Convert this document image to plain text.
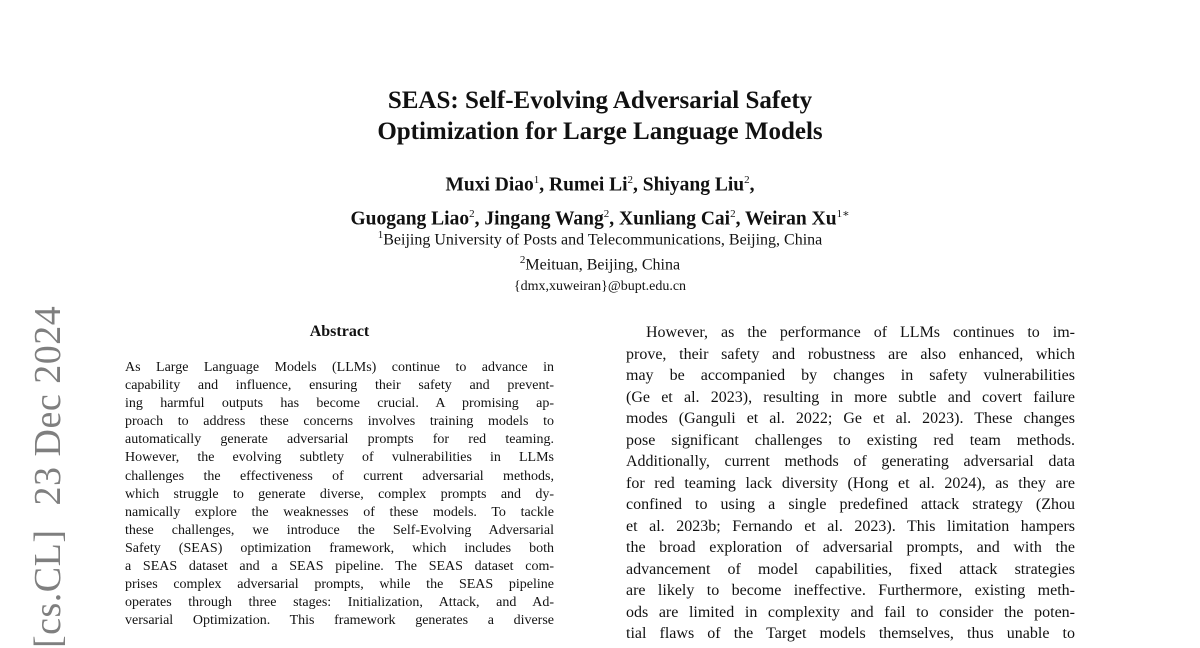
[cs.CL]23 Dec 2024
SEAS: Self-Evolving Adversarial Safety
Optimization for Large Language Models
Muxi Diao$^1$, Rumei Li$^2$, Shiyang Liu$^2$,
Guogang Liao$^2$, Jingang Wang$^2$, Xunliang Cai$^2$, Weiran $Xu^{1∗}$
$^1$Beijing University of Posts and Telecommunications, Beijing, China
$^2$Meituan, Beijing, China
{dmx,xuweiran}@bupt.edu.cn
Abstract
As Large Language Models (LLMs) continue to advance in
capability and influence, ensuring their safety and prevent-
ing harmful outputs has become crucial. A promising ap-
proach to address these concerns involves training models to
automatically generate adversarial prompts for red teaming.
However, the evolving subtlety of vulnerabilities in LLMs
challenges the effectiveness of current adversarial methods,
which struggle to generate diverse, complex prompts and dy-
namically explore the weaknesses of these models. To tackle
these challenges, we introduce the Self-Evolving Adversarial
Safety (SEAS) optimization framework, which includes both
a SEAS dataset and a SEAS pipeline. The SEAS dataset com-
prises complex adversarial prompts, while the SEAS pipeline
operates through three stages: Initialization, Attack, and Ad-
versarial Optimization. This framework generates a diverse
However, as the performance of LLMs continues to im-
prove, their safety and robustness are also enhanced, which
may be accompanied by changes in safety vulnerabilities
(Ge et al. 2023), resulting in more subtle and covert failure
modes (Ganguli et al. 2022; Ge et al. 2023). These changes
pose significant challenges to existing red team methods.
Additionally, current methods of generating adversarial data
for red teaming lack diversity (Hong et al. 2024), as they are
confined to using a single predefined attack strategy (Zhou
et al. 2023b; Fernando et al. 2023). This limitation hampers
the broad exploration of adversarial prompts, and with the
advancement of model capabilities, fixed attack strategies
are likely to become ineffective. Furthermore, existing meth-
ods are limited in complexity and fail to consider the poten-
tial flaws of the Target models themselves, thus unable to
